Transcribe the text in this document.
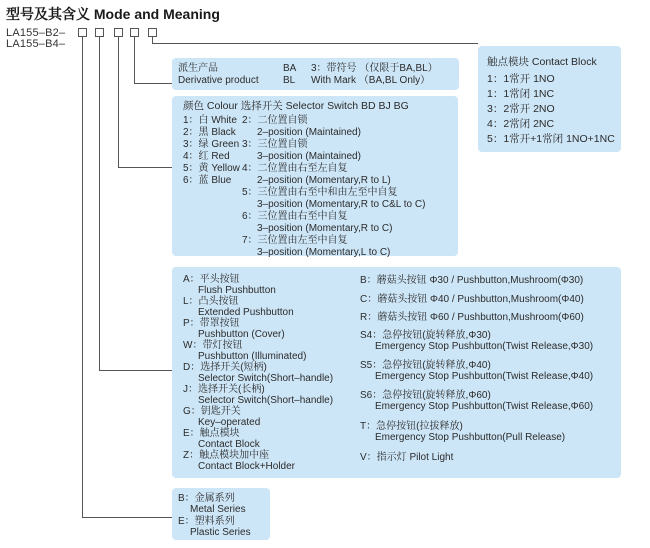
型号及其含义 Mode and Meaning
LA155–B2–
LA155–B4–
触点模块 Contact Block
1：1常开 1NO
1：1常闭 1NC
3：2常开 2NO
4：2常闭 2NC
5：1常开+1常闭 1NO+1NC
派生产品
Derivative product
BA
BL
3：带符号 （仅限于BA,BL）
With Mark （BA,BL Only）
颜色 Colour 选择开关 Selector Switch BD BJ BG
1：白 White
2：黑 Black
3：绿 Green
4：红 Red
5：黄 Yellow
6：蓝 Blue
2：二位置自锁
2–position (Maintained)
3：三位置自锁
3–position (Maintained)
4：二位置由右至左自复
2–position (Momentary,R to L)
5：三位置由右至中和由左至中自复
3–position (Momentary,R to C&L to C)
6：三位置由右至中自复
3–position (Momentary,R to C)
7：三位置由左至中自复
3–position (Momentary,L to C)
A：平头按钮
Flush Pushbutton
L：凸头按钮
Extended Pushbutton
P：带罩按钮
Pushbutton (Cover)
W：带灯按钮
Pushbutton (Illuminated)
D：选择开关(短柄)
Selector Switch(Short–handle)
J：选择开关(长柄)
Selector Switch(Short–handle)
G：钥匙开关
Key–operated
E：触点模块
Contact Block
Z：触点模块加中座
Contact Block+Holder
B：蘑菇头按钮 Φ30 / Pushbutton,Mushroom(Φ30)
C：蘑菇头按钮 Φ40 / Pushbutton,Mushroom(Φ40)
R：蘑菇头按钮 Φ60 / Pushbutton,Mushroom(Φ60)
S4：急停按钮(旋转释放,Φ30)
Emergency Stop Pushbutton(Twist Release,Φ30)
S5：急停按钮(旋转释放,Φ40)
Emergency Stop Pushbutton(Twist Release,Φ40)
S6：急停按钮(旋转释放,Φ60)
Emergency Stop Pushbutton(Twist Release,Φ60)
T：急停按钮(拉拔释放)
Emergency Stop Pushbutton(Pull Release)
V：指示灯 Pilot Light
B：金属系列
Metal Series
E：塑料系列
Plastic Series
